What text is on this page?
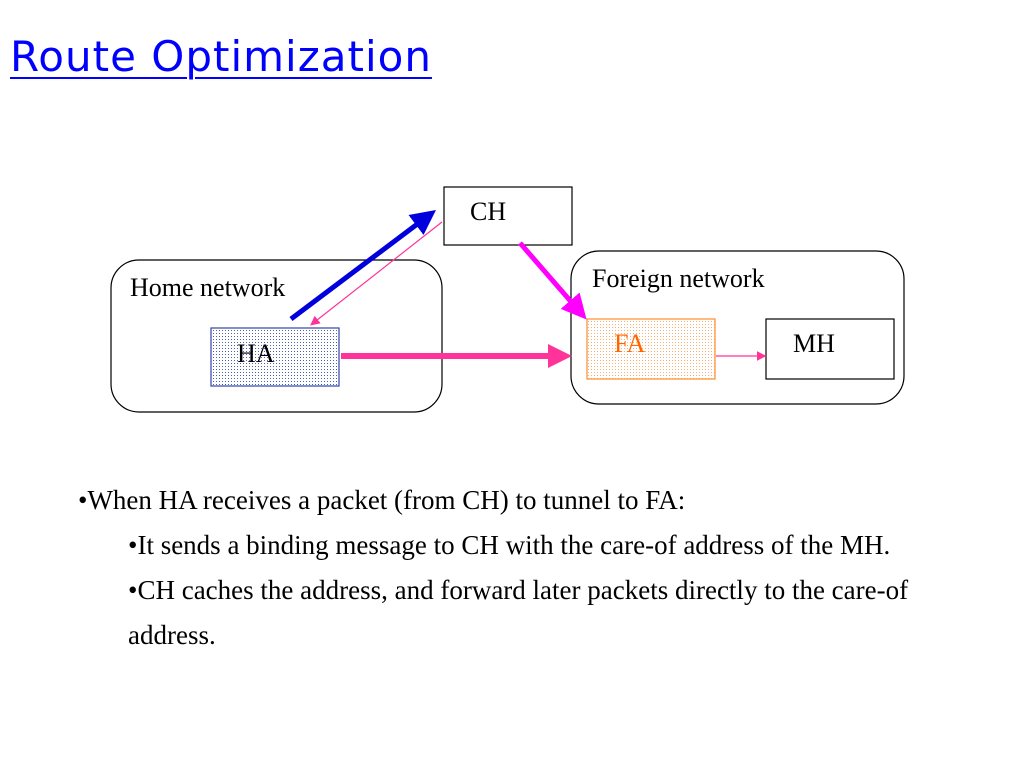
Route Optimization
Home network	Foreign network
CH
HA	FA	MH

•When HA receives a packet (from CH) to tunnel to FA:

•It sends a binding message to CH with the care-of address of the MH.

•CH caches the address, and forward later packets directly to the care-of address.
